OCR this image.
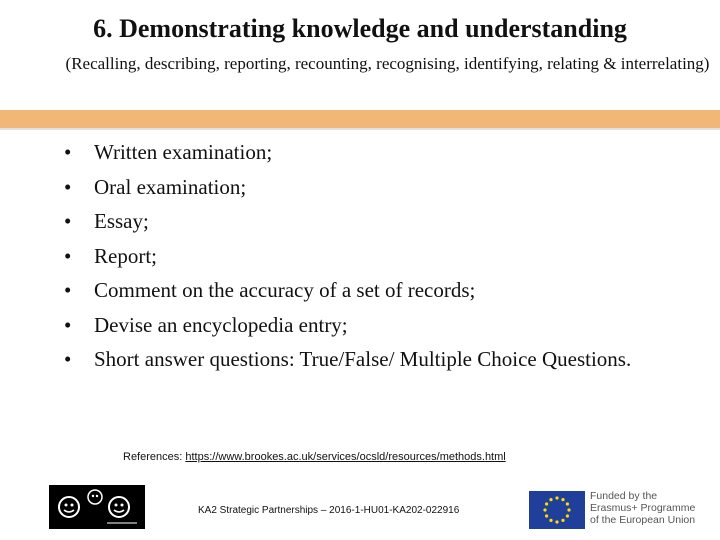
6. Demonstrating knowledge and understanding
(Recalling, describing, reporting, recounting, recognising, identifying, relating & interrelating)
• Written examination;
• Oral examination;
• Essay;
• Report;
• Comment on the accuracy of a set of records;
• Devise an encyclopedia entry;
• Short answer questions: True/False/ Multiple Choice Questions.
References: https://www.brookes.ac.uk/services/ocsld/resources/methods.html
KA2 Strategic Partnerships – 2016-1-HU01-KA202-022916
Funded by the
Erasmus+ Programme
of the European Union
